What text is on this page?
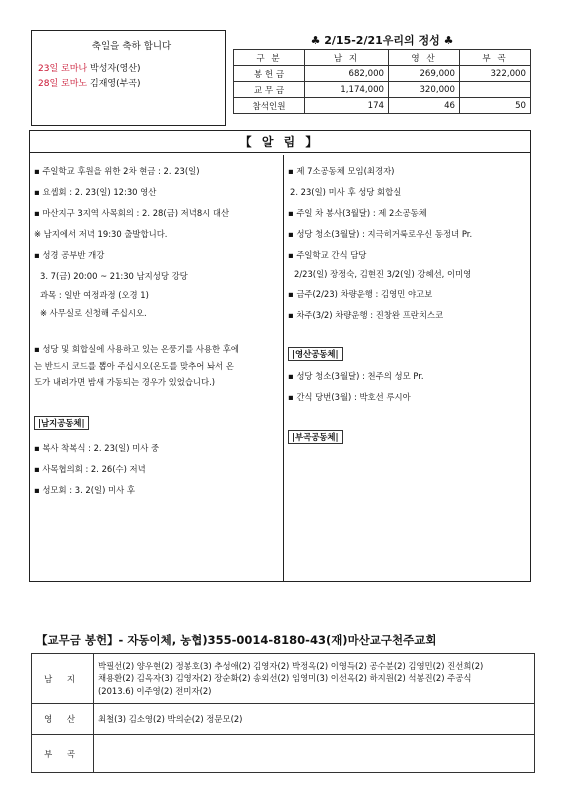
축일을 축하 합니다
23일 로마나 박성자(영산)
28일 로마노 김재영(부곡)
♣ 2/15-2/21우리의 정성 ♣
구 분	남 지	영 산	부 곡
봉 헌 금	682,000	269,000	322,000
교 무 금	1,174,000	320,000	
참석인원	174	46	50
【 알 림 】
▪ 주일학교 후원을 위한 2차 현금 : 2. 23(일)
▪ 요셉회 : 2. 23(일) 12:30 영산
▪ 마산지구 3지역 사목회의 : 2. 28(금) 저녁8시 대산
※ 남지에서 저녁 19:30 출발합니다.
▪ 성경 공부반 개강
3. 7(금) 20:00 ~ 21:30 남지성당 강당
과목 : 일반 여정과정 (오경 1)
※ 사무실로 신청해 주십시오.
▪ 성당 및 회합실에 사용하고 있는 온풍기를 사용한 후에
는 반드시 코드를 뽑아 주십시오(온도를 맞추어 놔서 온
도가 내려가면 밤새 가동되는 경우가 있었습니다.)
|남지공동체|
▪ 복사 착복식 : 2. 23(일) 미사 중
▪ 사목협의회 : 2. 26(수) 저녁
▪ 성모회 : 3. 2(일) 미사 후
▪ 제 7소공동체 모임(최경자)
2. 23(일) 미사 후 성당 회합실
▪ 주일 차 봉사(3월달) : 제 2소공동체
▪ 성당 청소(3월달) : 지극히거룩로우신 동정녀 Pr.
▪ 주일학교 간식 담당
2/23(일) 장정숙, 김현진 3/2(일) 강혜선, 이미영
▪ 금주(2/23) 차량운행 : 김영민 야고보
▪ 차주(3/2) 차량운행 : 진창완 프란치스코
|영산공동체|
▪ 성당 청소(3월달) : 천주의 성모 Pr.
▪ 간식 당번(3월) : 박호선 루시아
|부곡공동체|
【교무금 봉헌】- 자동이체, 농협)355-0014-8180-43(재)마산교구천주교회
남 지	박필선(2) 양우현(2) 정봉호(3) 추성애(2) 김영자(2) 박정옥(2) 이영득(2) 공수분(2) 김영민(2) 진선희(2)
채용환(2) 김옥자(3) 김영자(2) 장순화(2) 송외선(2) 임영미(3) 이선옥(2) 하지원(2) 석봉진(2) 주공식
(2013.6) 이주영(2) 전미자(2)

영 산	최철(3) 김소영(2) 박의순(2) 정문모(2)

부 곡	
